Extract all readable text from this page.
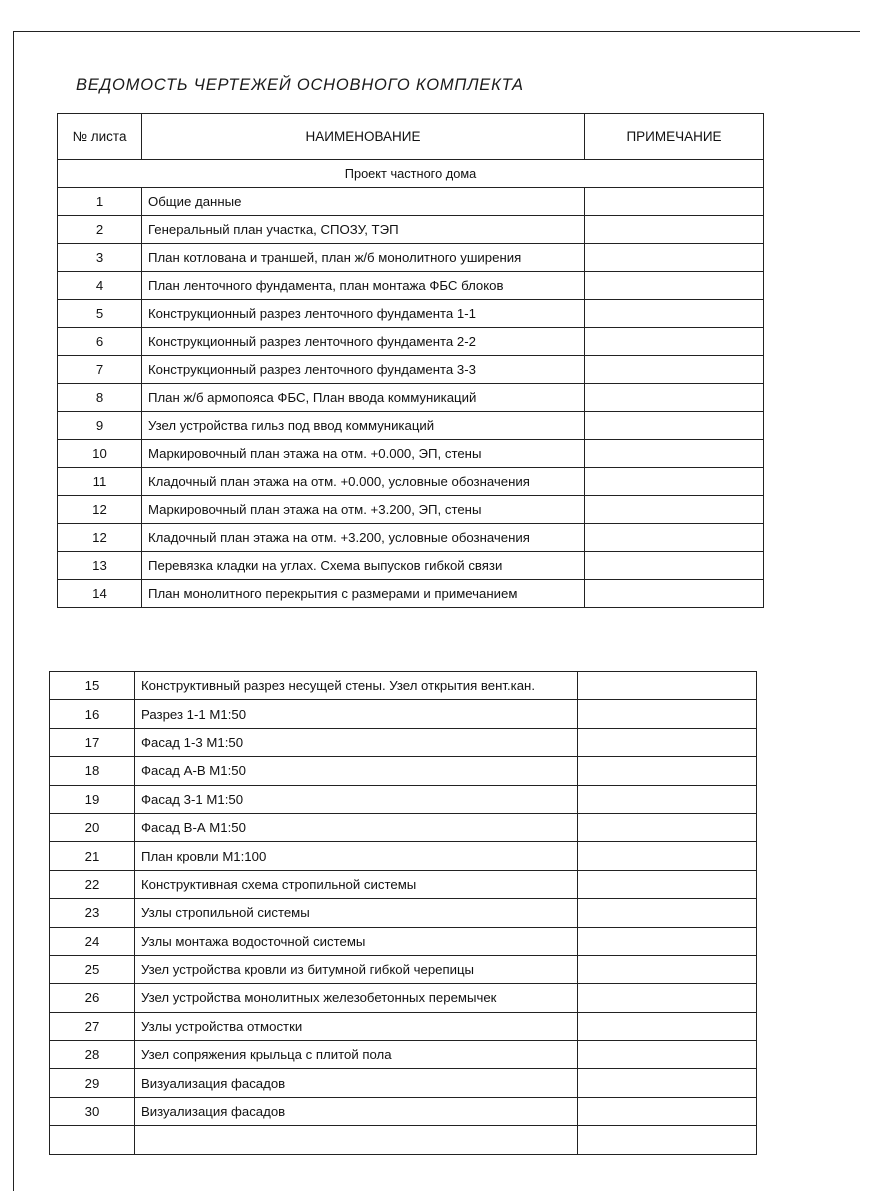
ВЕДОМОСТЬ ЧЕРТЕЖЕЙ ОСНОВНОГО КОМПЛЕКТА
№ листа	НАИМЕНОВАНИЕ	ПРИМЕЧАНИЕ
Проект частного дома		
1	Общие данные	
2	Генеральный план участка, СПОЗУ, ТЭП	
3	План котлована и траншей, план ж/б монолитного уширения	
4	План ленточного фундамента, план монтажа ФБС блоков	
5	Конструкционный разрез ленточного фундамента 1-1	
6	Конструкционный разрез ленточного фундамента 2-2	
7	Конструкционный разрез ленточного фундамента 3-3	
8	План ж/б армопояса ФБС, План ввода коммуникаций	
9	Узел устройства гильз под ввод коммуникаций	
10	Маркировочный план этажа на отм. +0.000, ЭП, стены	
11	Кладочный план этажа на отм. +0.000, условные обозначения	
12	Маркировочный план этажа на отм. +3.200, ЭП, стены	
12	Кладочный план этажа на отм. +3.200, условные обозначения	
13	Перевязка кладки на углах. Схема выпусков гибкой связи	
14	План монолитного перекрытия с размерами и примечанием	
15	Конструктивный разрез несущей стены. Узел открытия вент.кан.	
16	Разрез 1-1 М1:50	
17	Фасад 1-3 М1:50	
18	Фасад А-В М1:50	
19	Фасад 3-1 М1:50	
20	Фасад В-А М1:50	
21	План кровли М1:100	
22	Конструктивная схема стропильной системы	
23	Узлы стропильной системы	
24	Узлы монтажа водосточной системы	
25	Узел устройства кровли из битумной гибкой черепицы	
26	Узел устройства монолитных железобетонных перемычек	
27	Узлы устройства отмостки	
28	Узел сопряжения крыльца с плитой пола	
29	Визуализация фасадов	
30	Визуализация фасадов	
